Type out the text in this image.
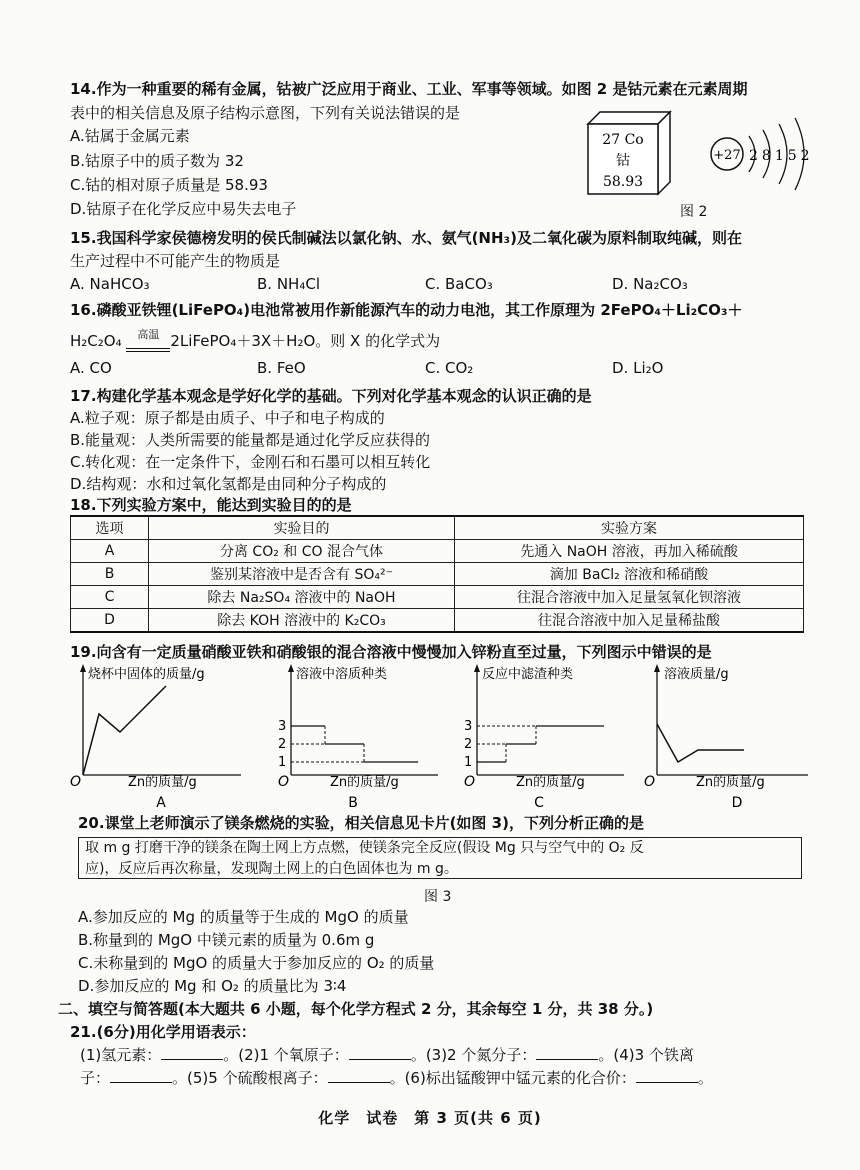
14.作为一种重要的稀有金属，钴被广泛应用于商业、工业、军事等领域。如图 2 是钴元素在元素周期
表中的相关信息及原子结构示意图，下列有关说法错误的是
A.钴属于金属元素
B.钴原子中的质子数为 32
C.钴的相对原子质量是 58.93
D.钴原子在化学反应中易失去电子
27 Co
钴
58.93
+27 28152
图 2
15.我国科学家侯德榜发明的侯氏制碱法以氯化钠、水、氨气(NH₃)及二氧化碳为原料制取纯碱，则在
生产过程中不可能产生的物质是
A. NaHCO₃	B. NH₄Cl	C. BaCO₃	D. Na₂CO₃
16.磷酸亚铁锂(LiFePO₄)电池常被用作新能源汽车的动力电池，其工作原理为 2FePO₄＋Li₂CO₃＋
H₂C₂O₄	高温 2LiFePO₄＋3X＋H₂O。则 X 的化学式为
A. CO	B. FeO	C. CO₂	D. Li₂O
17.构建化学基本观念是学好化学的基础。下列对化学基本观念的认识正确的是
A.粒子观：原子都是由质子、中子和电子构成的
B.能量观：人类所需要的能量都是通过化学反应获得的
C.转化观：在一定条件下，金刚石和石墨可以相互转化
D.结构观：水和过氧化氢都是由同种分子构成的
18.下列实验方案中，能达到实验目的的是
选项	实验目的	实验方案
A	分离 CO₂ 和 CO 混合气体	先通入 NaOH 溶液，再加入稀硫酸
B	鉴别某溶液中是否含有 SO₄²⁻	滴加 BaCl₂ 溶液和稀硝酸
C	除去 Na₂SO₄ 溶液中的 NaOH	往混合溶液中加入足量氢氧化钡溶液
D	除去 KOH 溶液中的 K₂CO₃	往混合溶液中加入足量稀盐酸
19.向含有一定质量硝酸亚铁和硝酸银的混合溶液中慢慢加入锌粉直至过量，下列图示中错误的是
烧杯中固体的质量/g
O	Zn的质量/g
A
溶液中溶质种类
3
2
1
O	Zn的质量/g
B
反应中滤渣种类
3
2
1
O	Zn的质量/g
C
溶液质量/g
O	Zn的质量/g
D
20.课堂上老师演示了镁条燃烧的实验，相关信息见卡片(如图 3)，下列分析正确的是
取 m g 打磨干净的镁条在陶土网上方点燃，使镁条完全反应(假设 Mg 只与空气中的 O₂ 反
应)，反应后再次称量，发现陶土网上的白色固体也为 m g。
图 3
A.参加反应的 Mg 的质量等于生成的 MgO 的质量
B.称量到的 MgO 中镁元素的质量为 0.6m g
C.未称量到的 MgO 的质量大于参加反应的 O₂ 的质量
D.参加反应的 Mg 和 O₂ 的质量比为 3∶4
二、填空与简答题(本大题共 6 小题，每个化学方程式 2 分，其余每空 1 分，共 38 分。)
21.(6分)用化学用语表示：
(1)氢元素：	。(2)1 个氧原子：	。(3)2 个氮分子：	。(4)3 个铁离
子：	。(5)5 个硫酸根离子：	。(6)标出锰酸钾中锰元素的化合价：	。
化学　试卷　第 3 页(共 6 页)
